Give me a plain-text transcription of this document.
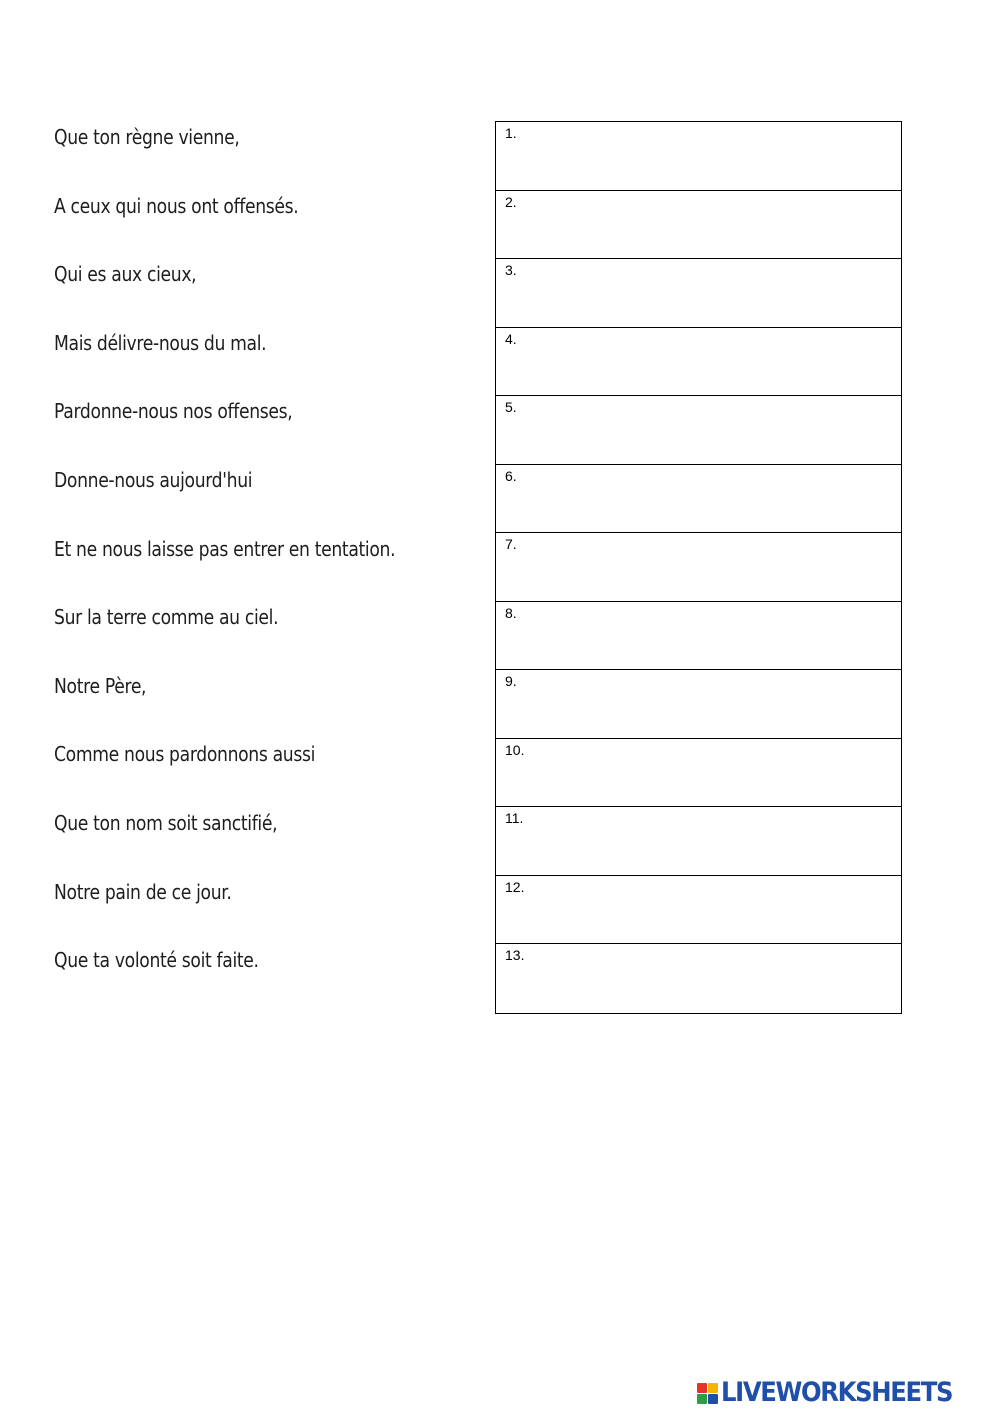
Que ton règne vienne,
A ceux qui nous ont offensés.
Qui es aux cieux,
Mais délivre-nous du mal.
Pardonne-nous nos offenses,
Donne-nous aujourd'hui
Et ne nous laisse pas entrer en tentation.
Sur la terre comme au ciel.
Notre Père,
Comme nous pardonnons aussi
Que ton nom soit sanctifié,
Notre pain de ce jour.
Que ta volonté soit faite.
1.
2.
3.
4.
5.
6.
7.
8.
9.
10.
11.
12.
13.
LIVEWORKSHEETS
